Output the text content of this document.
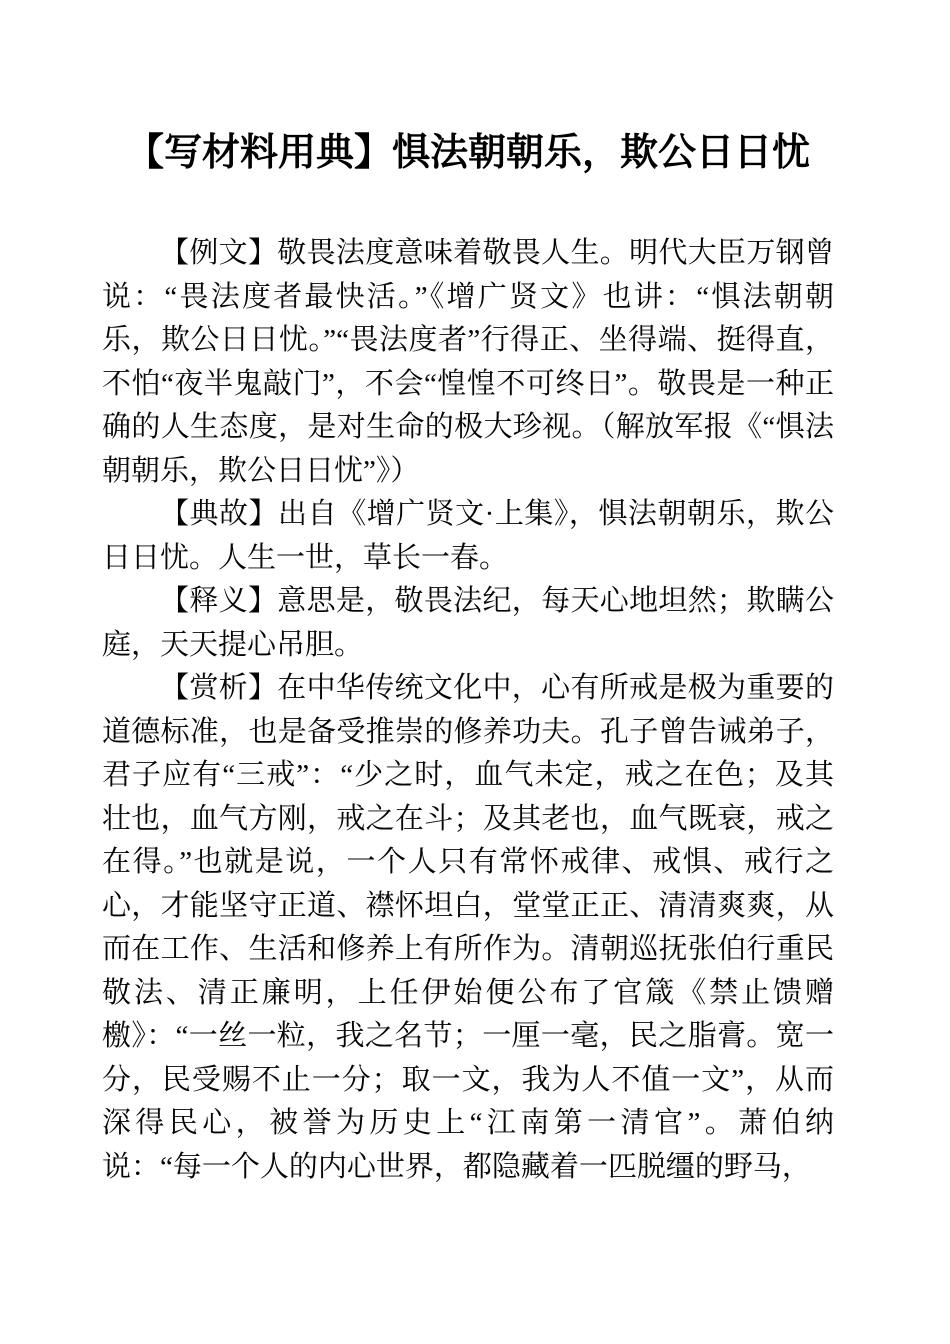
【写材料用典】惧法朝朝乐，欺公日日忧

【例文】敬畏法度意味着敬畏人生。明代大臣万钢曾说：“畏法度者最快活。”《增广贤文》也讲：“惧法朝朝乐，欺公日日忧。”“畏法度者”行得正、坐得端、挺得直，不怕“夜半鬼敲门”，不会“惶惶不可终日”。敬畏是一种正确的人生态度，是对生命的极大珍视。（解放军报《“惧法朝朝乐，欺公日日忧”》）

【典故】出自《增广贤文·上集》，惧法朝朝乐，欺公日日忧。人生一世，草长一春。

【释义】意思是，敬畏法纪，每天心地坦然；欺瞒公庭，天天提心吊胆。

【赏析】在中华传统文化中，心有所戒是极为重要的道德标准，也是备受推崇的修养功夫。孔子曾告诫弟子，君子应有“三戒”：“少之时，血气未定，戒之在色；及其壮也，血气方刚，戒之在斗；及其老也，血气既衰，戒之在得。”也就是说，一个人只有常怀戒律、戒惧、戒行之心，才能坚守正道、襟怀坦白，堂堂正正、清清爽爽，从而在工作、生活和修养上有所作为。清朝巡抚张伯行重民敬法、清正廉明，上任伊始便公布了官箴《禁止馈赠檄》：“一丝一粒，我之名节；一厘一毫，民之脂膏。宽一分，民受赐不止一分；取一文，我为人不值一文”，从而深得民心，被誉为历史上“江南第一清官”。萧伯纳说：“每一个人的内心世界，都隐藏着一匹脱缰的野马，
